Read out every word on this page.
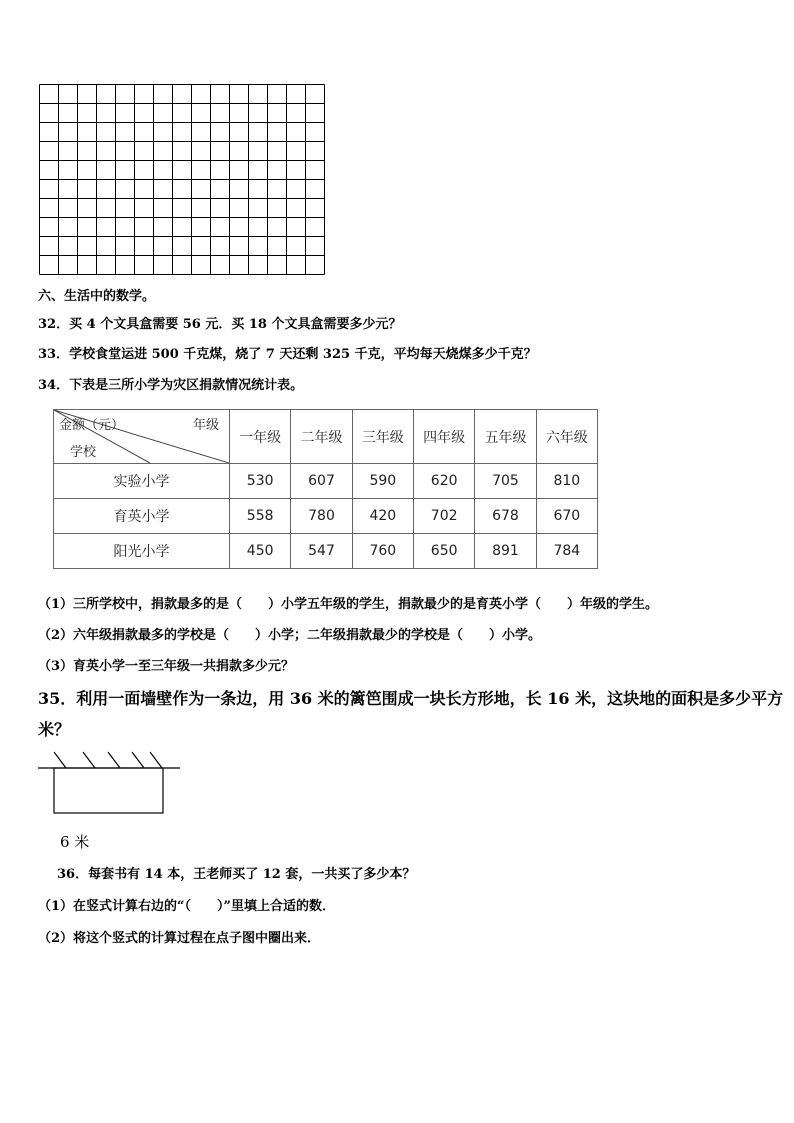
六、生活中的数学。
32．买 4 个文具盒需要 56 元．买 18 个文具盒需要多少元？
33．学校食堂运进 500 千克煤，烧了 7 天还剩 325 千克，平均每天烧煤多少千克？
34．下表是三所小学为灾区捐款情况统计表。
金额（元） 年级
学校	一年级	二年级	三年级	四年级	五年级	六年级
实验小学	530	607	590	620	705	810
育英小学	558	780	420	702	678	670
阳光小学	450	547	760	650	891	784
（1）三所学校中，捐款最多的是（　　）小学五年级的学生，捐款最少的是育英小学（　　）年级的学生。
（2）六年级捐款最多的学校是（　　）小学；二年级捐款最少的学校是（　　）小学。
（3）育英小学一至三年级一共捐款多少元？
35．利用一面墙壁作为一条边，用 36 米的篱笆围成一块长方形地，长 16 米，这块地的面积是多少平方
米？
6 米
36．每套书有 14 本，王老师买了 12 套，一共买了多少本？
（1）在竖式计算右边的“（　　）”里填上合适的数．
（2）将这个竖式的计算过程在点子图中圈出来．
